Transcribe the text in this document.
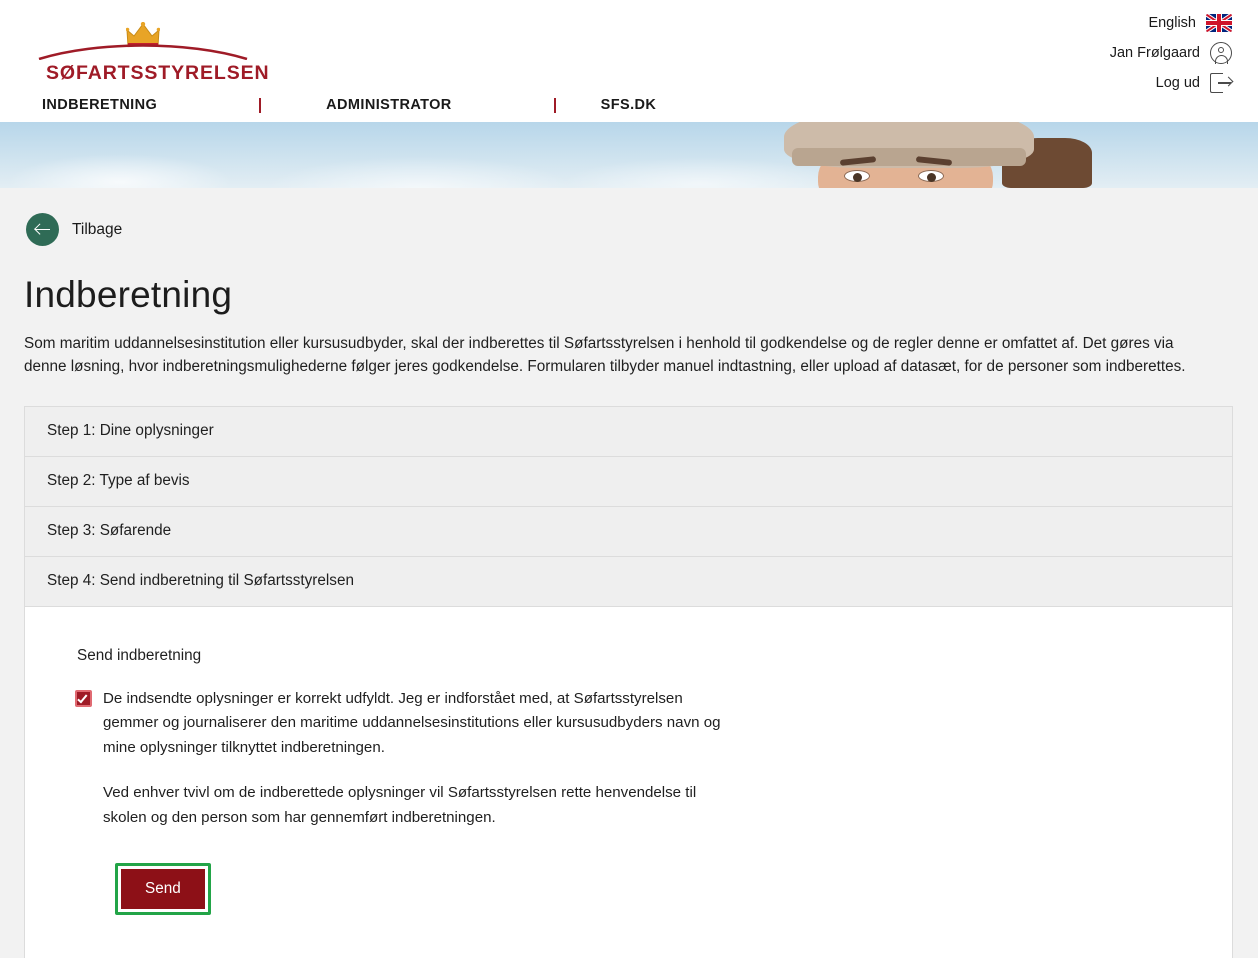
SØFARTSSTYRELSEN
English
Jan Frølgaard
Log ud
INDBERETNING	ADMINISTRATOR	SFS.DK
Tilbage
Indberetning

Som maritim uddannelsesinstitution eller kursusudbyder, skal der indberettes til Søfartsstyrelsen i henhold til godkendelse og de regler denne er omfattet af. Det gøres via denne løsning, hvor indberetningsmulighederne følger jeres godkendelse. Formularen tilbyder manuel indtastning, eller upload af datasæt, for de personer som indberettes.

Step 1: Dine oplysninger
Step 2: Type af bevis
Step 3: Søfarende
Step 4: Send indberetning til Søfartsstyrelsen
Send indberetning
De indsendte oplysninger er korrekt udfyldt. Jeg er indforstået med, at Søfartsstyrelsen gemmer og journaliserer den maritime uddannelsesinstitutions eller kursusudbyders navn og mine oplysninger tilknyttet indberetningen.
Ved enhver tvivl om de indberettede oplysninger vil Søfartsstyrelsen rette henvendelse til skolen og den person som har gennemført indberetningen.
Send
